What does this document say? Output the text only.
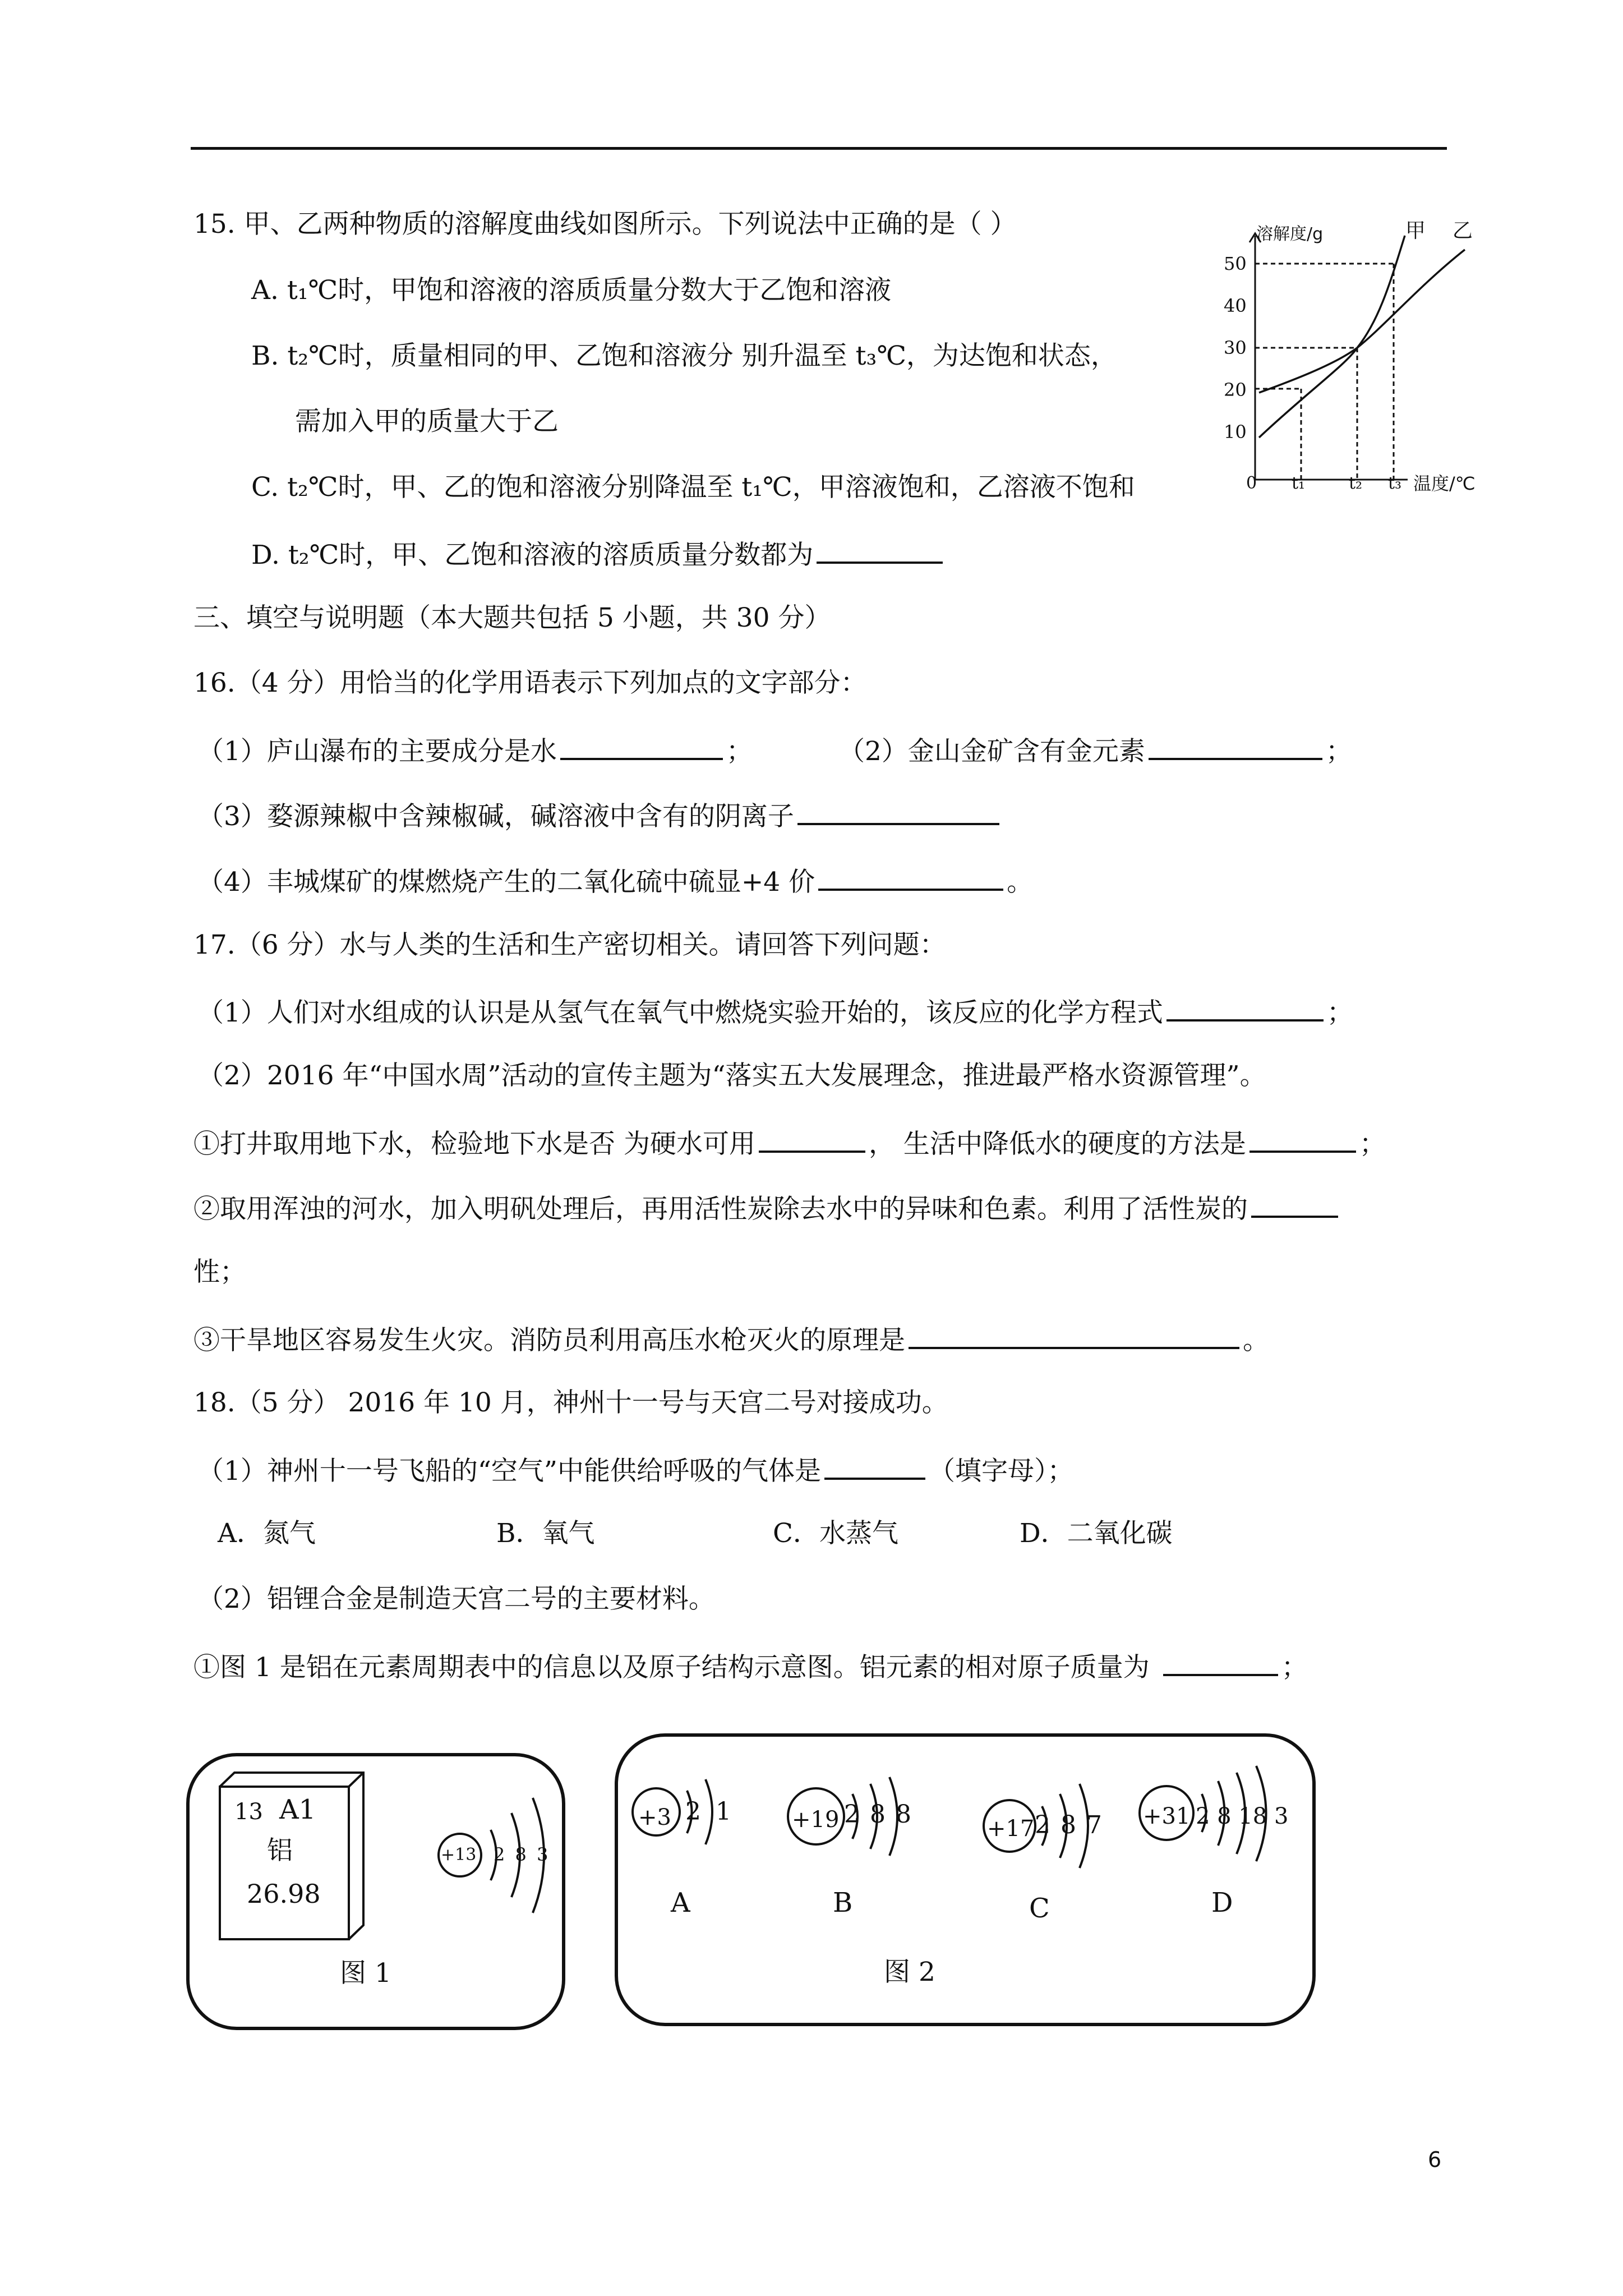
15. 甲、乙两种物质的溶解度曲线如图所示。下列说法中正确的是（ ）
A. t₁℃时，甲饱和溶液的溶质质量分数大于乙饱和溶液
B. t₂℃时，质量相同的甲、乙饱和溶液分 别升温至 t₃℃，为达饱和状态，
需加入甲的质量大于乙
C. t₂℃时，甲、乙的饱和溶液分别降温至 t₁℃，甲溶液饱和，乙溶液不饱和
D. t₂℃时，甲、乙饱和溶液的溶质质量分数都为
溶解度/g	甲 乙
10
20
30
40
50
0 t₁	t₂ t₃ 温度/℃
三、填空与说明题（本大题共包括 5 小题，共 30 分）
16.（4 分）用恰当的化学用语表示下列加点的文字部分：
（1）庐山瀑布的主要成分是水	；	（2）金山金矿含有金元素	；
（3）婺源辣椒中含辣椒碱，碱溶液中含有的阴离子
（4）丰城煤矿的煤燃烧产生的二氧化硫中硫显+4 价	。
17.（6 分）水与人类的生活和生产密切相关。请回答下列问题：
（1）人们对水组成的认识是从氢气在氧气中燃烧实验开始的，该反应的化学方程式	；
（2）2016 年“中国水周”活动的宣传主题为“落实五大发展理念，推进最严格水资源管理”。
①打井取用地下水，检验地下水是否 为硬水可用	， 生活中降低水的硬度的方法是	；
②取用浑浊的河水，加入明矾处理后，再用活性炭除去水中的异味和色素。利用了活性炭的
性；
③干旱地区容易发生火灾。消防员利用高压水枪灭火的原理是	。
18.（5 分） 2016 年 10 月，神州十一号与天宫二号对接成功。
（1）神州十一号飞船的“空气”中能供给呼吸的气体是	（填字母）；
A．氮气	B．氧气	C．水蒸气	D．二氧化碳
（2）铝锂合金是制造天宫二号的主要材料。
①图 1 是铝在元素周期表中的信息以及原子结构示意图。铝元素的相对原子质量为	；
13 A1
铝
26.98
+13 2 8 3
图 1
+3 2 1
A
+19 2 8 8
B
+17 2 8 7
C
+31 2 8 18 3
D
图 2
6
